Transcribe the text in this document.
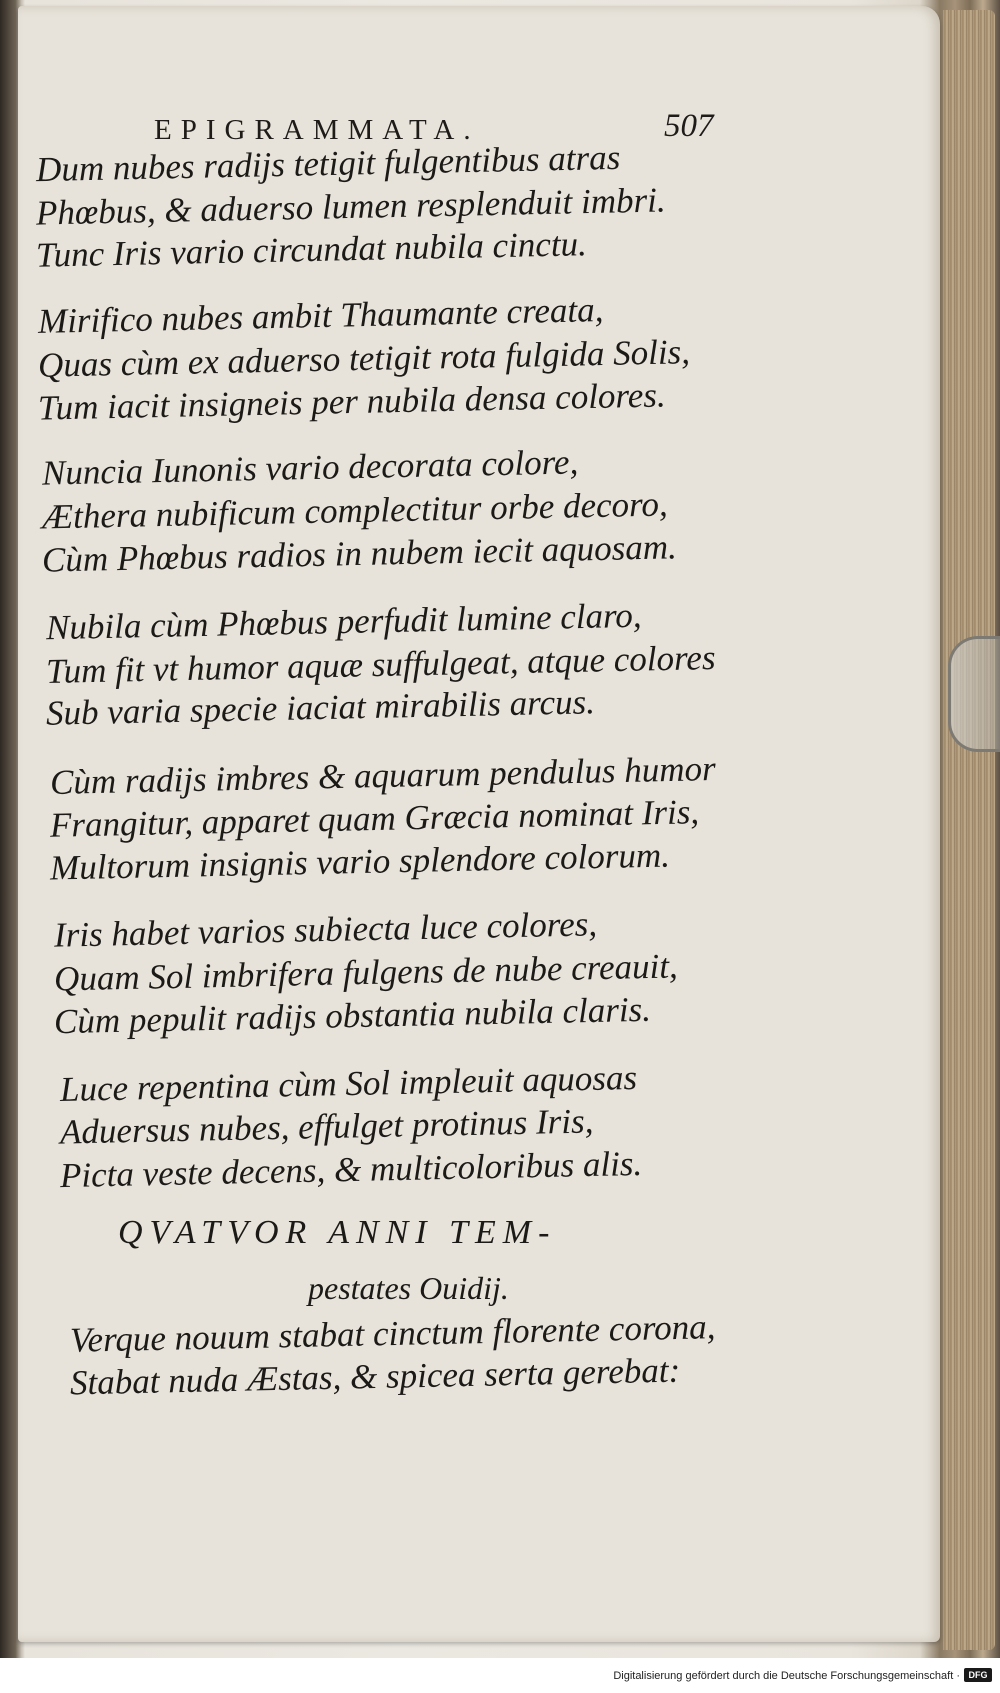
EPIGRAMMATA.	507
Dum nubes radijs tetigit fulgentibus atras
Phœbus, & aduerso lumen resplenduit imbri.
Tunc Iris vario circundat nubila cinctu.
Mirifico nubes ambit Thaumante creata,
Quas cùm ex aduerso tetigit rota fulgida Solis,
Tum iacit insigneis per nubila densa colores.
Nuncia Iunonis vario decorata colore,
Æthera nubificum complectitur orbe decoro,
Cùm Phœbus radios in nubem iecit aquosam.
Nubila cùm Phœbus perfudit lumine claro,
Tum fit vt humor aquæ suffulgeat, atque colores
Sub varia specie iaciat mirabilis arcus.
Cùm radijs imbres & aquarum pendulus humor
Frangitur, apparet quam Græcia nominat Iris,
Multorum insignis vario splendore colorum.
Iris habet varios subiecta luce colores,
Quam Sol imbrifera fulgens de nube creauit,
Cùm pepulit radijs obstantia nubila claris.
Luce repentina cùm Sol impleuit aquosas
Aduersus nubes, effulget protinus Iris,
Picta veste decens, & multicoloribus alis.
QVATVOR ANNI TEM-
pestates Ouidij.
Verque nouum stabat cinctum florente corona,
Stabat nuda Æstas, & spicea serta gerebat:
Digitalisierung gefördert durch die Deutsche Forschungsgemeinschaft · DFG
